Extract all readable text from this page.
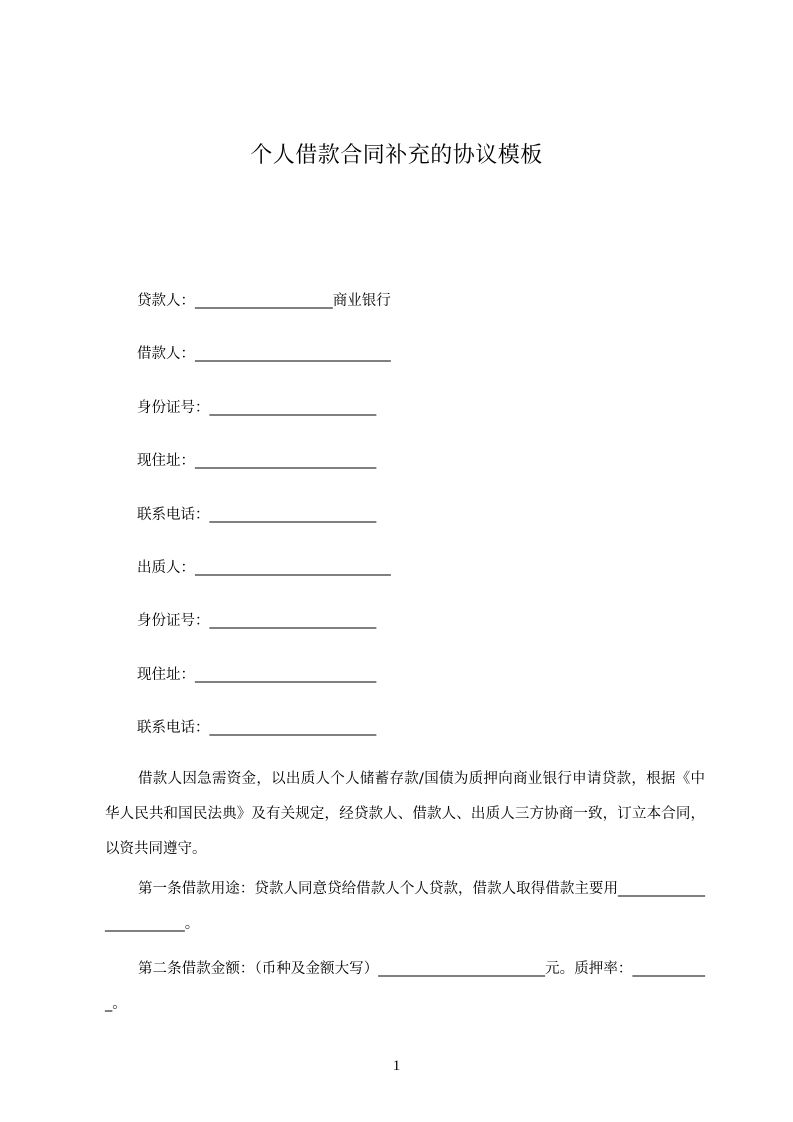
个人借款合同补充的协议模板
贷款人：___________________商业银行
借款人：___________________________
身份证号：_______________________
现住址：_________________________
联系电话：_______________________
出质人：___________________________
身份证号：_______________________
现住址：_________________________
联系电话：_______________________
借款人因急需资金，以出质人个人储蓄存款/国债为质押向商业银行申请贷款，根据《中华人民共和国民法典》及有关规定，经贷款人、借款人、出质人三方协商一致，订立本合同，以资共同遵守。
第一条借款用途：贷款人同意贷给借款人个人贷款，借款人取得借款主要用_______________________。
第二条借款金额：（币种及金额大写）_______________________元。质押率：___________。
1
